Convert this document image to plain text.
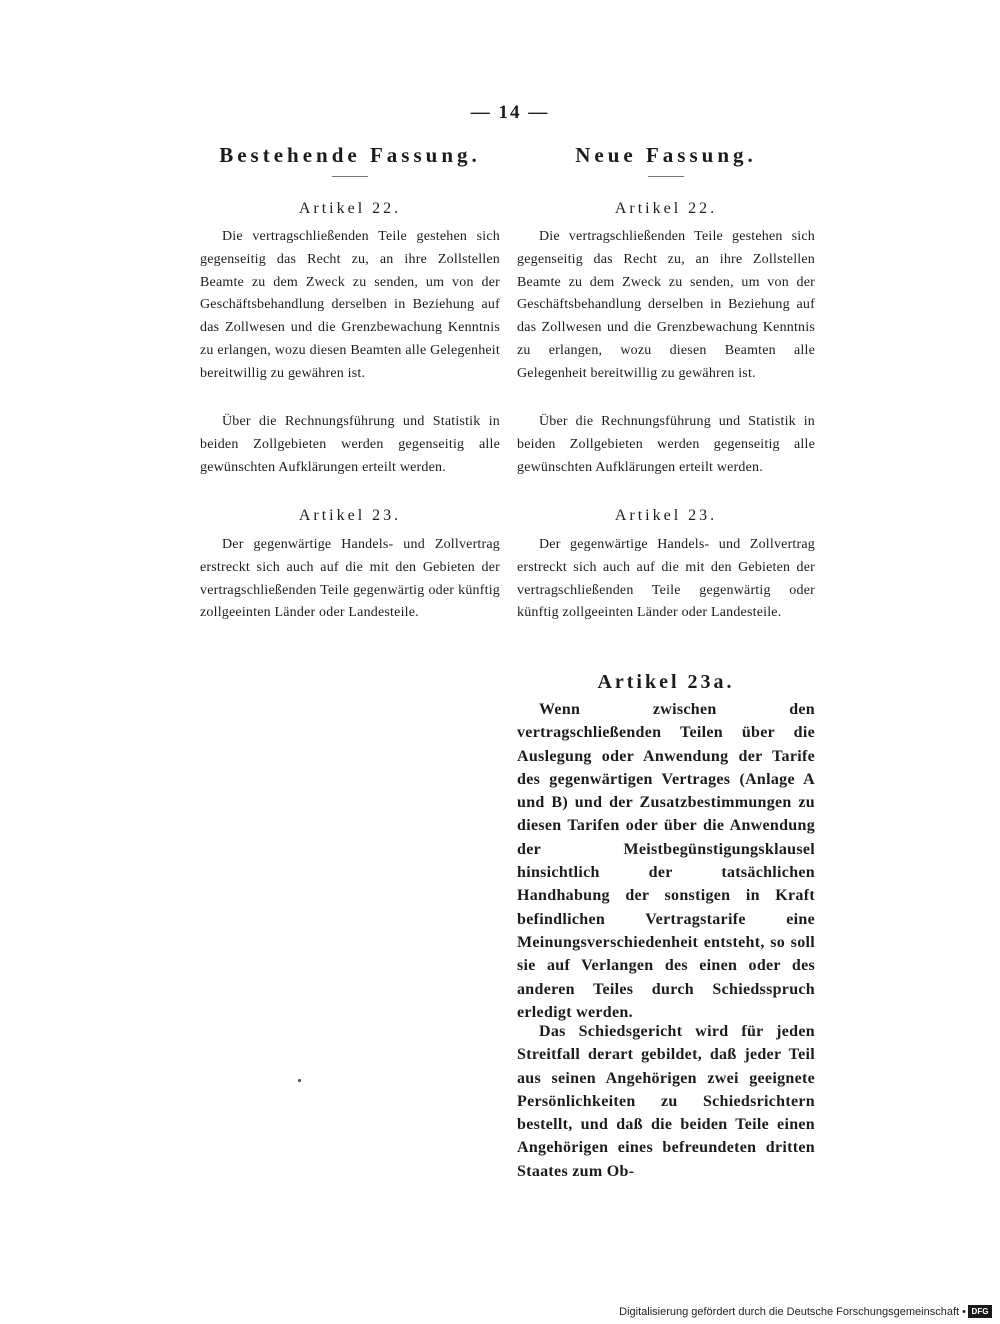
— 14 —
Bestehende Fassung.
Artikel 22.

Die vertragschließenden Teile gestehen sich gegenseitig das Recht zu, an ihre Zollstellen Beamte zu dem Zweck zu senden, um von der Geschäftsbehandlung derselben in Beziehung auf das Zollwesen und die Grenzbewachung Kenntnis zu erlangen, wozu diesen Beamten alle Gelegenheit bereitwillig zu gewähren ist.

Über die Rechnungsführung und Statistik in beiden Zollgebieten werden gegenseitig alle gewünschten Aufklärungen erteilt werden.

Artikel 23.

Der gegenwärtige Handels- und Zollvertrag erstreckt sich auch auf die mit den Gebieten der vertragschließenden Teile gegenwärtig oder künftig zollgeeinten Länder oder Landesteile.

Neue Fassung.
Artikel 22.

Die vertragschließenden Teile gestehen sich gegenseitig das Recht zu, an ihre Zollstellen Beamte zu dem Zweck zu senden, um von der Geschäftsbehandlung derselben in Beziehung auf das Zollwesen und die Grenzbewachung Kenntnis zu erlangen, wozu diesen Beamten alle Gelegenheit bereitwillig zu gewähren ist.

Über die Rechnungsführung und Statistik in beiden Zollgebieten werden gegenseitig alle gewünschten Aufklärungen erteilt werden.

Artikel 23.

Der gegenwärtige Handels- und Zollvertrag erstreckt sich auch auf die mit den Gebieten der vertragschließenden Teile gegenwärtig oder künftig zollgeeinten Länder oder Landesteile.

Artikel 23a.

Wenn zwischen den vertragschließenden Teilen über die Auslegung oder Anwendung der Tarife des gegenwärtigen Vertrages (Anlage A und B) und der Zusatzbestimmungen zu diesen Tarifen oder über die Anwendung der Meistbegünstigungsklausel hinsichtlich der tatsächlichen Handhabung der sonstigen in Kraft befindlichen Vertragstarife eine Meinungsverschiedenheit entsteht, so soll sie auf Verlangen des einen oder des anderen Teiles durch Schiedsspruch erledigt werden.

Das Schiedsgericht wird für jeden Streitfall derart gebildet, daß jeder Teil aus seinen Angehörigen zwei geeignete Persönlichkeiten zu Schiedsrichtern bestellt, und daß die beiden Teile einen Angehörigen eines befreundeten dritten Staates zum Ob-

Digitalisierung gefördert durch die Deutsche Forschungsgemeinschaft • DFG
